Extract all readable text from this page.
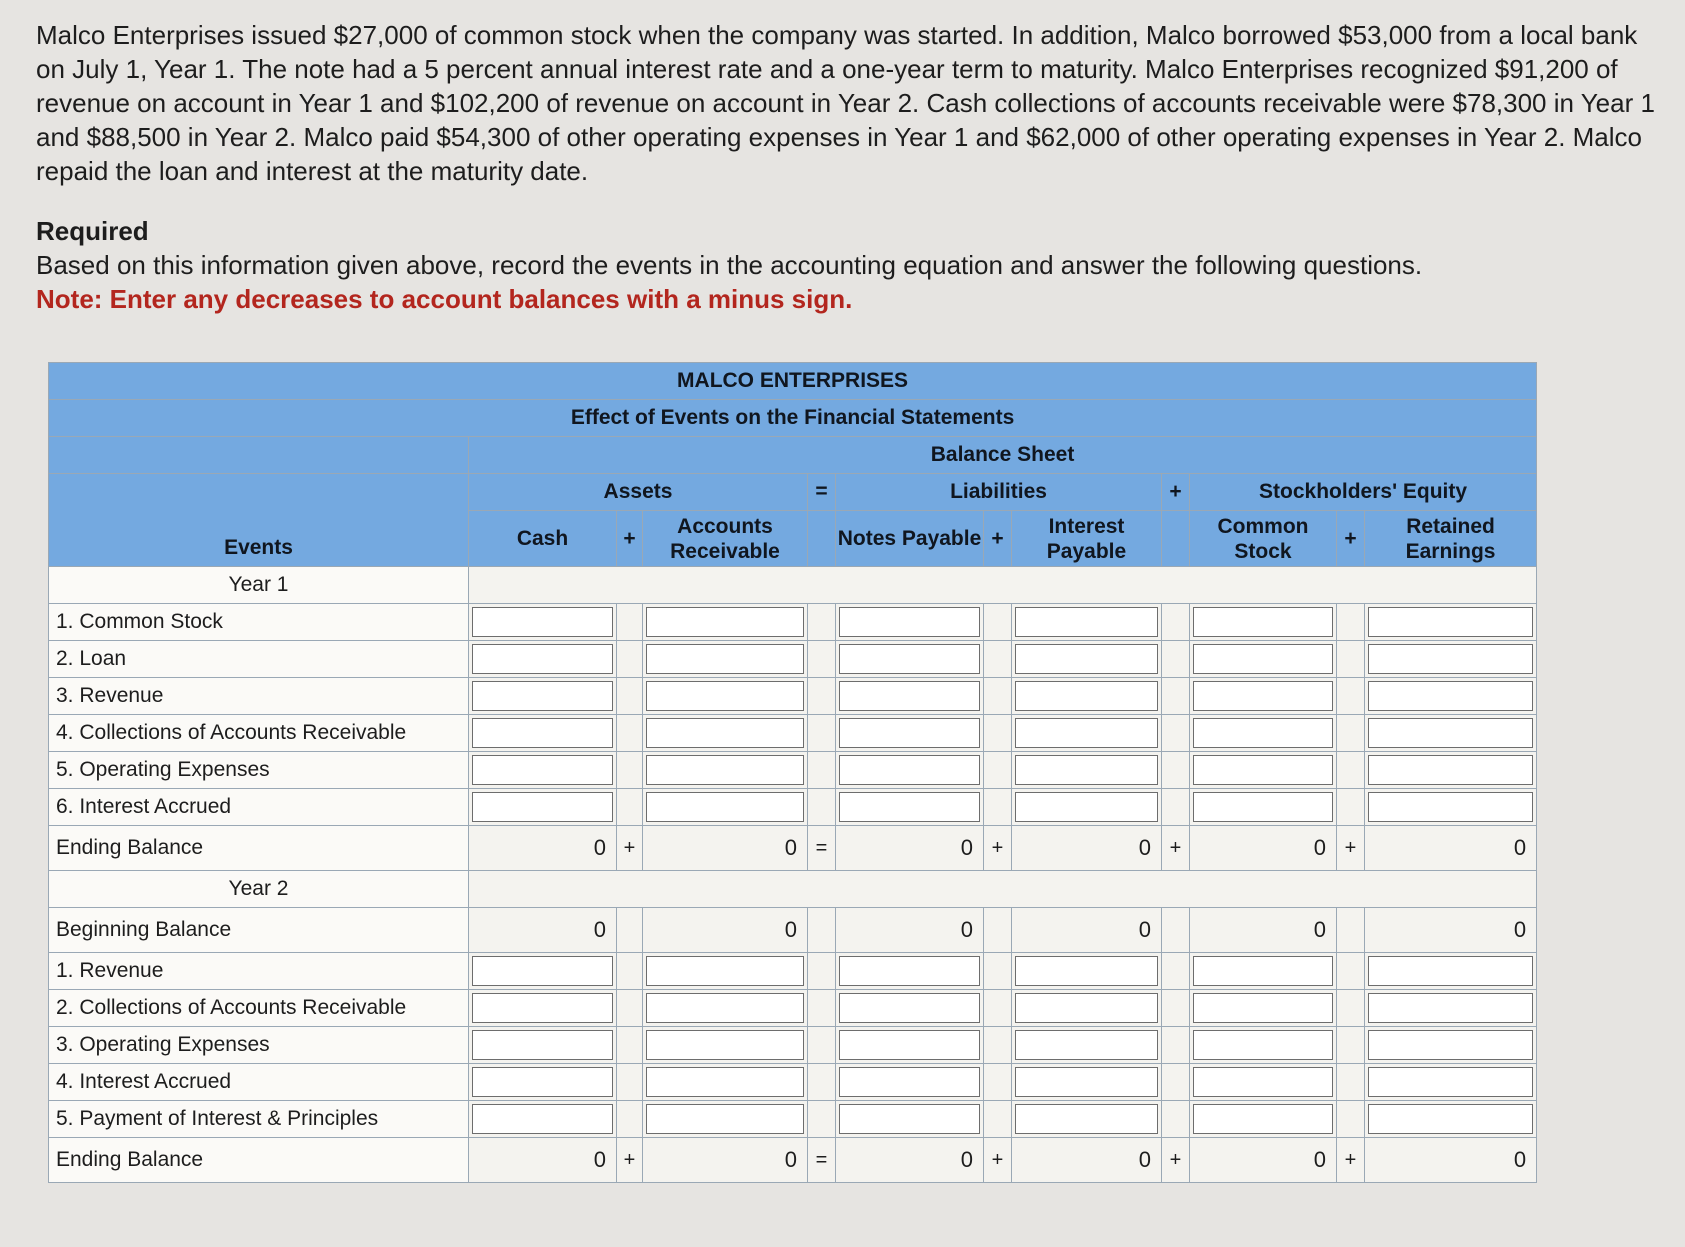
Malco Enterprises issued $27,000 of common stock when the company was started. In addition, Malco borrowed $53,000 from a local bank on July 1, Year 1. The note had a 5 percent annual interest rate and a one-year term to maturity. Malco Enterprises recognized $91,200 of revenue on account in Year 1 and $102,200 of revenue on account in Year 2. Cash collections of accounts receivable were $78,300 in Year 1 and $88,500 in Year 2. Malco paid $54,300 of other operating expenses in Year 1 and $62,000 of other operating expenses in Year 2. Malco repaid the loan and interest at the maturity date.

Required

Based on this information given above, record the events in the accounting equation and answer the following questions.

Note: Enter any decreases to account balances with a minus sign.

MALCO ENTERPRISES											
Effect of Events on the Financial Statements											
	Balance Sheet										
Events	Assets			=	Liabilities			+	Stockholders' Equity		
	Cash	+	Accounts Receivable		Notes Payable	+	Interest Payable		Common Stock	+	Retained Earnings
Year 1											
1. Common Stock	

2. Loan	

3. Revenue	

4. Collections of Accounts Receivable	

5. Operating Expenses	

6. Interest Accrued	

Ending Balance	0	+	0	=	0	+	0	+	0	+	0
Year 2											
Beginning Balance	0		0		0		0		0		0
1. Revenue	

2. Collections of Accounts Receivable	

3. Operating Expenses	

4. Interest Accrued	

5. Payment of Interest & Principles	

Ending Balance	0	+	0	=	0	+	0	+	0	+	0
